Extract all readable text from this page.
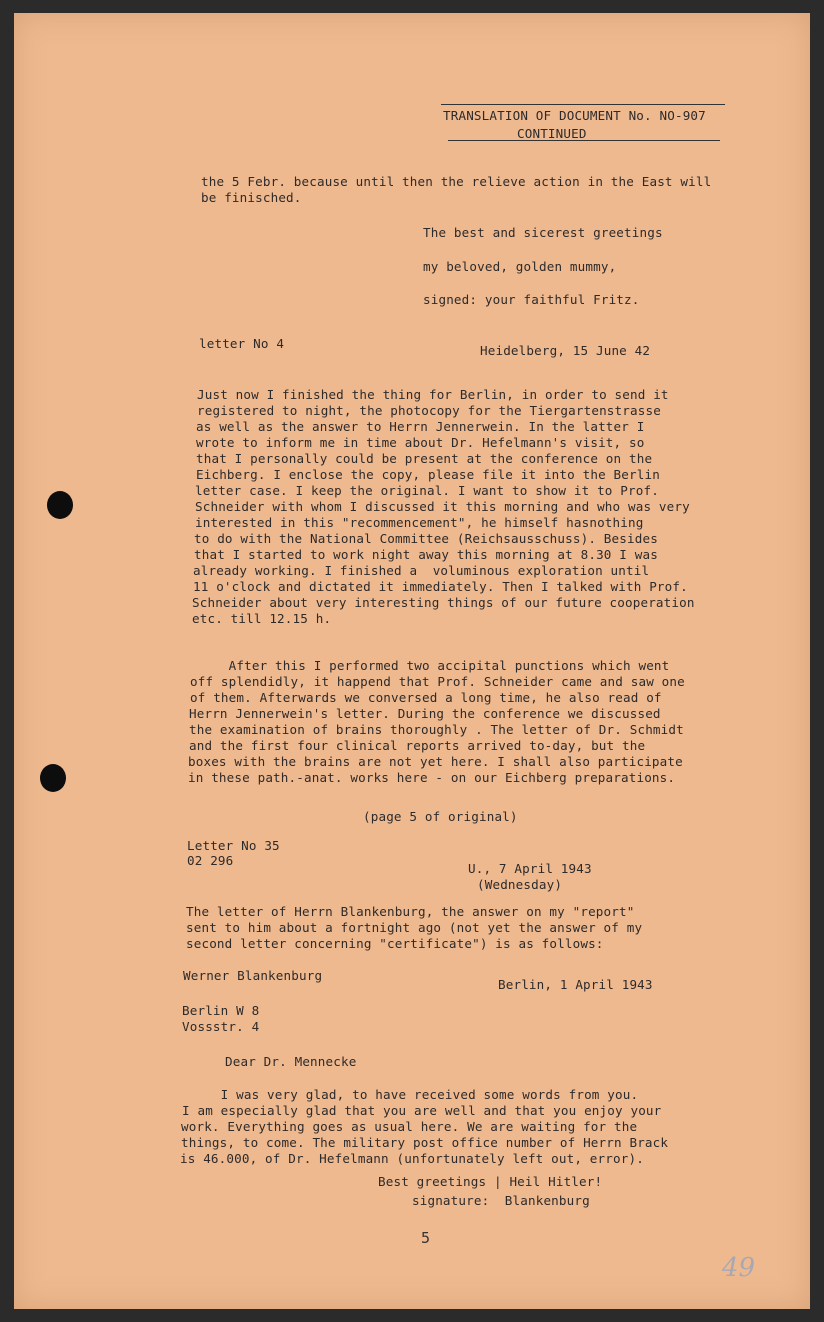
TRANSLATION OF DOCUMENT No. NO-907
CONTINUED
the 5 Febr. because until then the relieve action in the East will
be finisched.
The best and sicerest greetings
my beloved, golden mummy,
signed: your faithful Fritz.
letter No 4	Heidelberg, 15 June 42
Just now I finished the thing for Berlin, in order to send it
registered to night, the photocopy for the Tiergartenstrasse
as well as the answer to Herrn Jennerwein. In the latter I
wrote to inform me in time about Dr. Hefelmann's visit, so
that I personally could be present at the conference on the
Eichberg. I enclose the copy, please file it into the Berlin
letter case. I keep the original. I want to show it to Prof.
Schneider with whom I discussed it this morning and who was very
interested in this "recommencement", he himself hasnothing
to do with the National Committee (Reichsausschuss). Besides
that I started to work night away this morning at 8.30 I was
already working. I finished a  voluminous exploration until
11 o'clock and dictated it immediately. Then I talked with Prof.
Schneider about very interesting things of our future cooperation
etc. till 12.15 h.
After this I performed two accipital punctions which went
off splendidly, it happend that Prof. Schneider came and saw one
of them. Afterwards we conversed a long time, he also read of
Herrn Jennerwein's letter. During the conference we discussed
the examination of brains thoroughly . The letter of Dr. Schmidt
and the first four clinical reports arrived to-day, but the
boxes with the brains are not yet here. I shall also participate
in these path.-anat. works here - on our Eichberg preparations.
(page 5 of original)
Letter No 35
02 296
U., 7 April 1943
(Wednesday)
The letter of Herrn Blankenburg, the answer on my "report"
sent to him about a fortnight ago (not yet the answer of my
second letter concerning "certificate") is as follows:
Werner Blankenburg
Berlin, 1 April 1943
Berlin W 8
Vossstr. 4
Dear Dr. Mennecke
I was very glad, to have received some words from you.
I am especially glad that you are well and that you enjoy your
work. Everything goes as usual here. We are waiting for the
things, to come. The military post office number of Herrn Brack
is 46.000, of Dr. Hefelmann (unfortunately left out, error).
Best greetings | Heil Hitler!
signature:  Blankenburg
5
49
